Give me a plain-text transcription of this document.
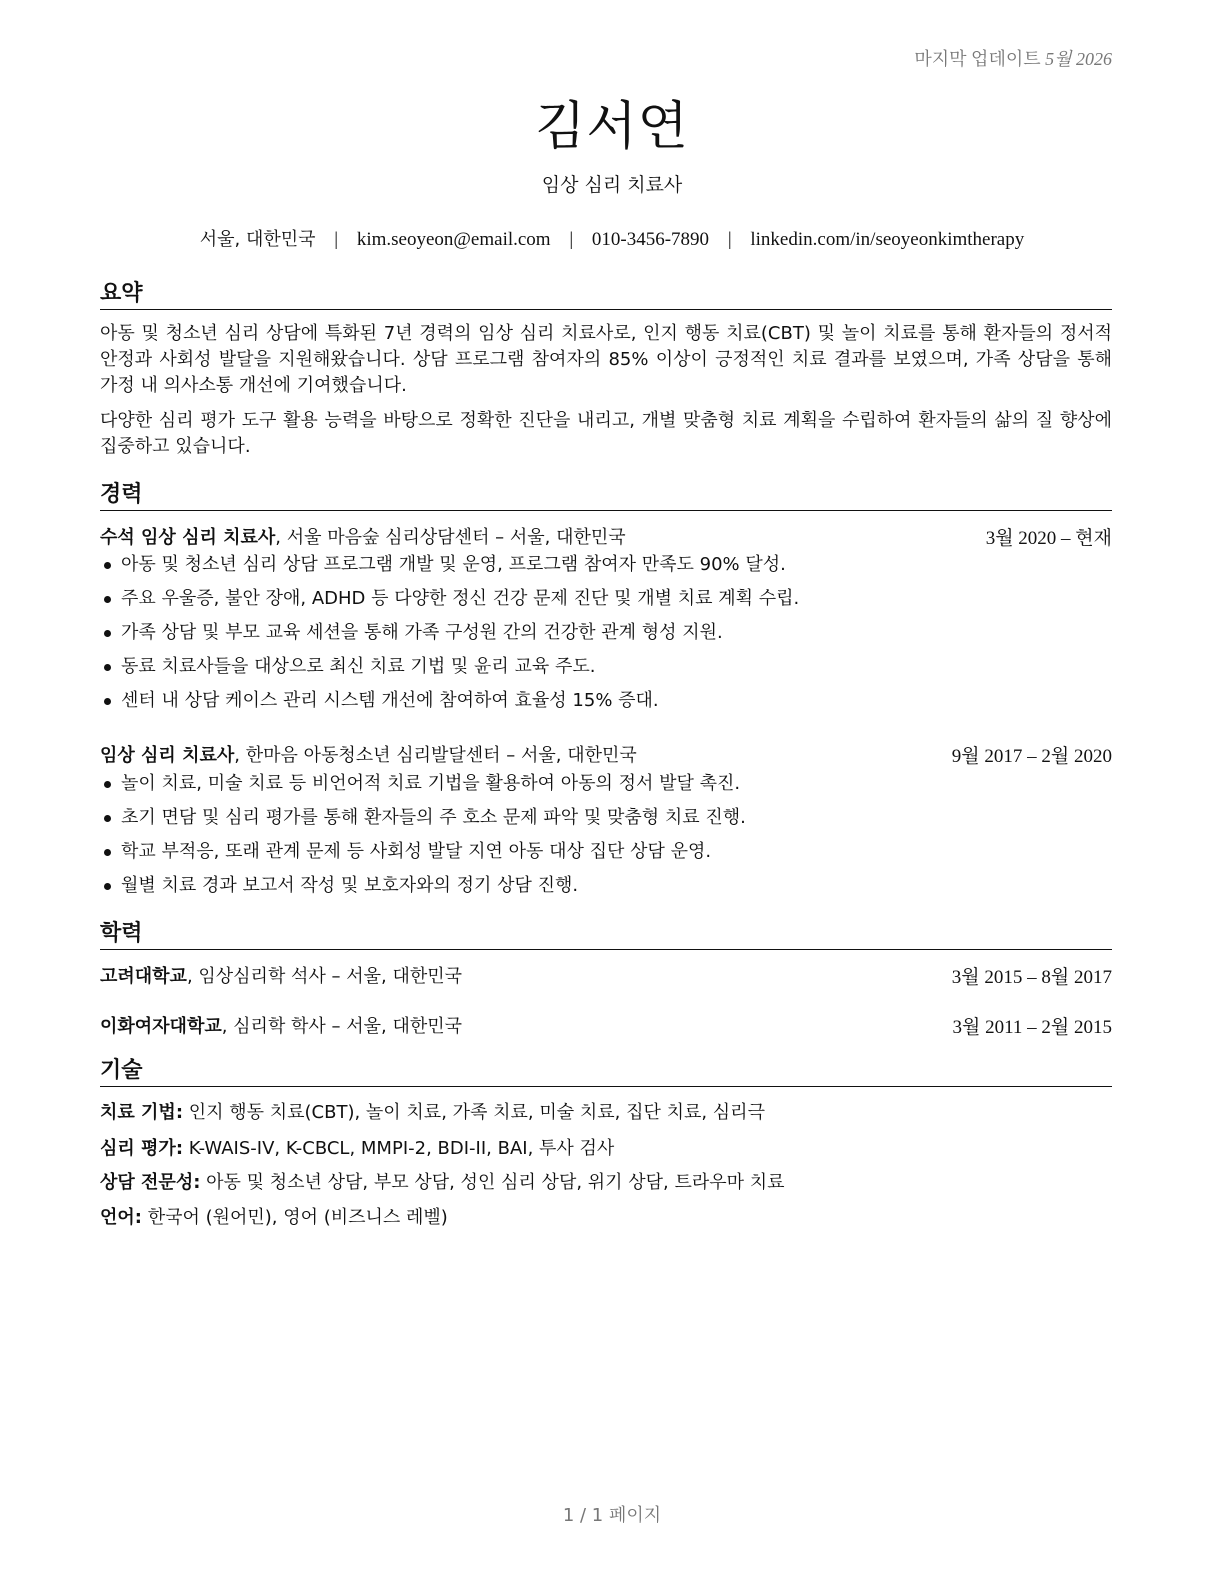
마지막 업데이트 5월 2026
김서연
임상 심리 치료사
서울, 대한민국 | kim.seoyeon@email.com | 010-3456-7890 | linkedin.com/in/seoyeonkimtherapy
요약

아동 및 청소년 심리 상담에 특화된 7년 경력의 임상 심리 치료사로, 인지 행동 치료(CBT) 및 놀이 치료를 통해 환자들의 정서적 안정과 사회성 발달을 지원해왔습니다. 상담 프로그램 참여자의 85% 이상이 긍정적인 치료 결과를 보였으며, 가족 상담을 통해 가정 내 의사소통 개선에 기여했습니다.

다양한 심리 평가 도구 활용 능력을 바탕으로 정확한 진단을 내리고, 개별 맞춤형 치료 계획을 수립하여 환자들의 삶의 질 향상에 집중하고 있습니다.

경력
수석 임상 심리 치료사, 서울 마음숲 심리상담센터 – 서울, 대한민국	3월 2020 – 현재
아동 및 청소년 심리 상담 프로그램 개발 및 운영, 프로그램 참여자 만족도 90% 달성.
주요 우울증, 불안 장애, ADHD 등 다양한 정신 건강 문제 진단 및 개별 치료 계획 수립.
가족 상담 및 부모 교육 세션을 통해 가족 구성원 간의 건강한 관계 형성 지원.
동료 치료사들을 대상으로 최신 치료 기법 및 윤리 교육 주도.
센터 내 상담 케이스 관리 시스템 개선에 참여하여 효율성 15% 증대.
임상 심리 치료사, 한마음 아동청소년 심리발달센터 – 서울, 대한민국	9월 2017 – 2월 2020
놀이 치료, 미술 치료 등 비언어적 치료 기법을 활용하여 아동의 정서 발달 촉진.
초기 면담 및 심리 평가를 통해 환자들의 주 호소 문제 파악 및 맞춤형 치료 진행.
학교 부적응, 또래 관계 문제 등 사회성 발달 지연 아동 대상 집단 상담 운영.
월별 치료 경과 보고서 작성 및 보호자와의 정기 상담 진행.
학력
고려대학교, 임상심리학 석사 – 서울, 대한민국	3월 2015 – 8월 2017
이화여자대학교, 심리학 학사 – 서울, 대한민국	3월 2011 – 2월 2015
기술
치료 기법: 인지 행동 치료(CBT), 놀이 치료, 가족 치료, 미술 치료, 집단 치료, 심리극
심리 평가: K-WAIS-IV, K-CBCL, MMPI-2, BDI-II, BAI, 투사 검사
상담 전문성: 아동 및 청소년 상담, 부모 상담, 성인 심리 상담, 위기 상담, 트라우마 치료
언어: 한국어 (원어민), 영어 (비즈니스 레벨)
1 / 1 페이지
